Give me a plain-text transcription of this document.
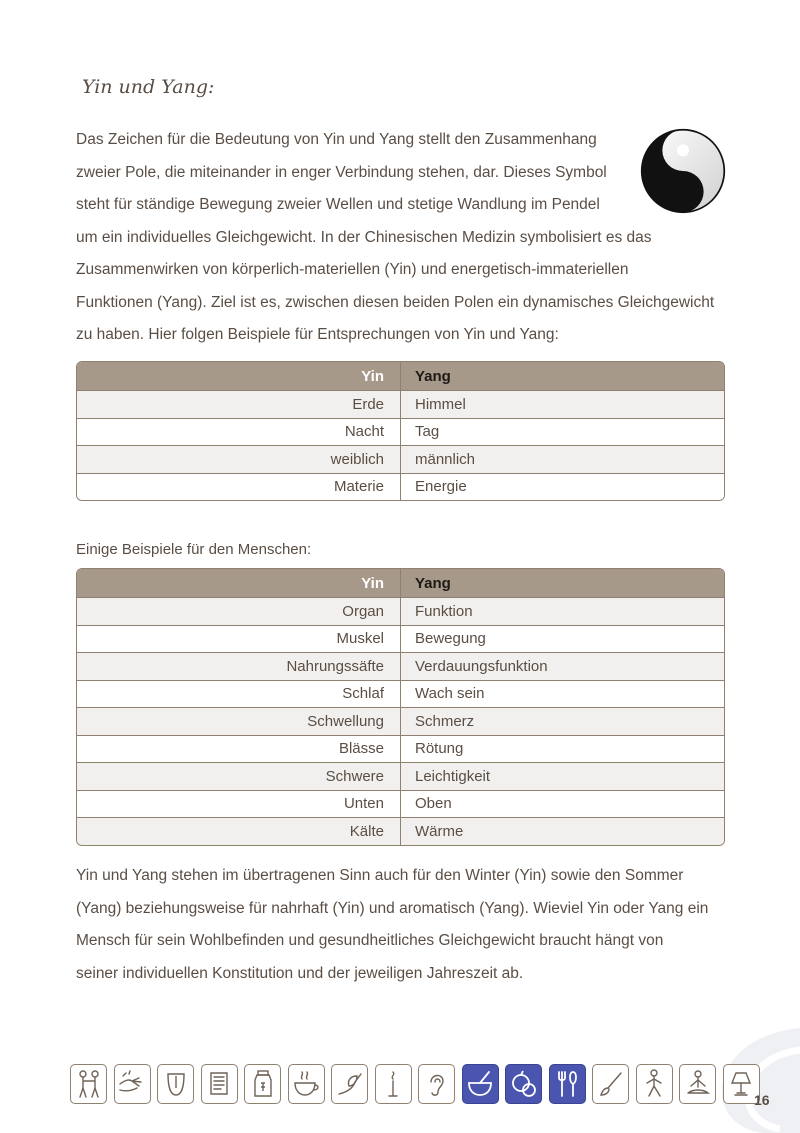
Yin und Yang:

Das Zeichen für die Bedeutung von Yin und Yang stellt den Zusammenhang

zweier Pole, die miteinander in enger Verbindung stehen, dar. Dieses Symbol

steht für ständige Bewegung zweier Wellen und stetige Wandlung im Pendel

um ein individuelles Gleichgewicht. In der Chinesischen Medizin symbolisiert es das

Zusammenwirken von körperlich-materiellen (Yin) und energetisch-immateriellen

Funktionen (Yang). Ziel ist es, zwischen diesen beiden Polen ein dynamisches Gleichgewicht

zu haben. Hier folgen Beispiele für Entsprechungen von Yin und Yang:

Yin	Yang
Erde	Himmel
Nacht	Tag
weiblich	männlich
Materie	Energie
Einige Beispiele für den Menschen:
Yin	Yang
Organ	Funktion
Muskel	Bewegung
Nahrungssäfte	Verdauungsfunktion
Schlaf	Wach sein
Schwellung	Schmerz
Blässe	Rötung
Schwere	Leichtigkeit
Unten	Oben
Kälte	Wärme

Yin und Yang stehen im übertragenen Sinn auch für den Winter (Yin) sowie den Sommer

(Yang) beziehungsweise für nahrhaft (Yin) und aromatisch (Yang). Wieviel Yin oder Yang ein

Mensch für sein Wohlbefinden und gesundheitliches Gleichgewicht braucht hängt von

seiner individuellen Konstitution und der jeweiligen Jahreszeit ab.

16
